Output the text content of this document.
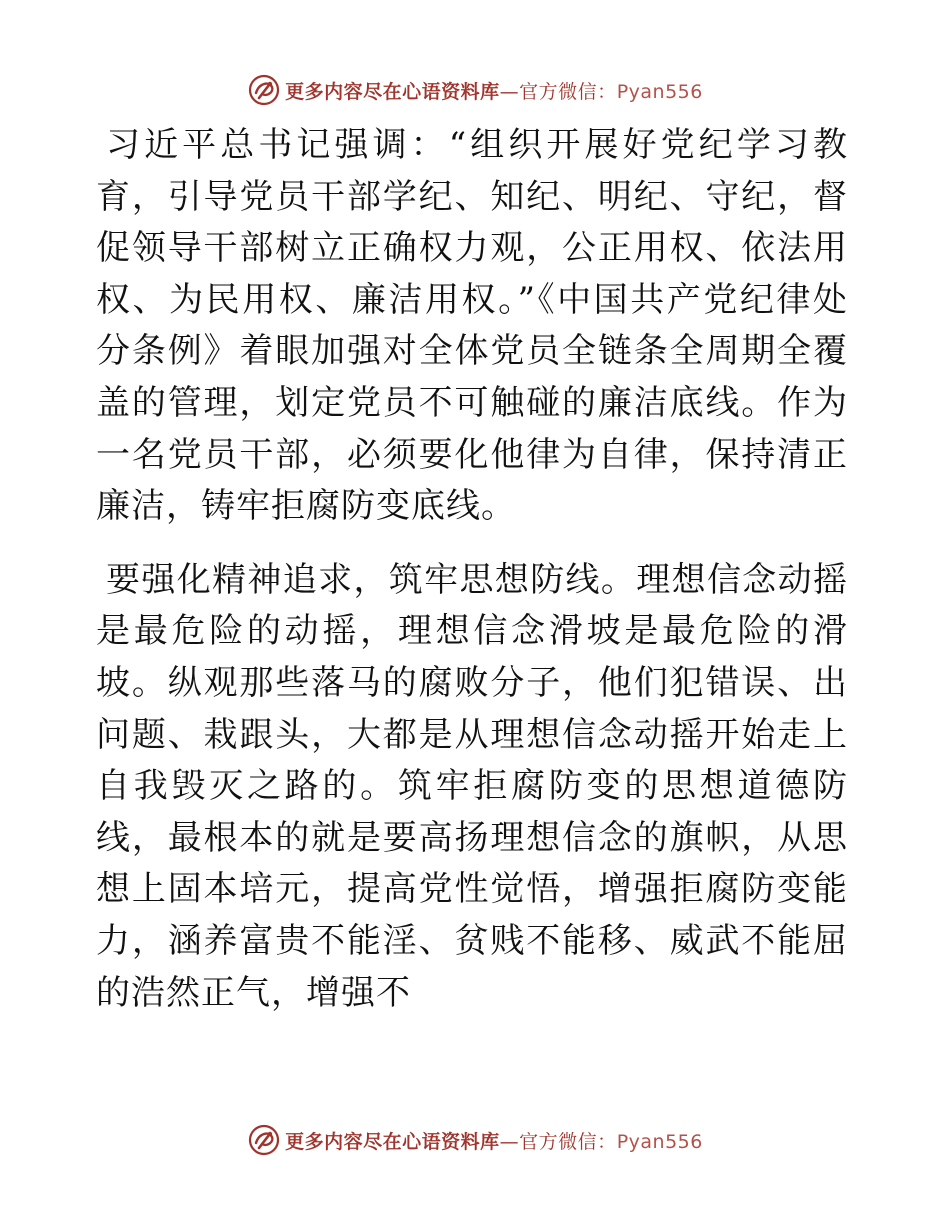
更多内容尽在心语资料库—官方微信：Pyan556

习近平总书记强调：“组织开展好党纪学习教育，引导党员干部学纪、知纪、明纪、守纪，督促领导干部树立正确权力观，公正用权、依法用权、为民用权、廉洁用权。”《中国共产党纪律处分条例》着眼加强对全体党员全链条全周期全覆盖的管理，划定党员不可触碰的廉洁底线。作为一名党员干部，必须要化他律为自律，保持清正廉洁，铸牢拒腐防变底线。

要强化精神追求，筑牢思想防线。理想信念动摇是最危险的动摇，理想信念滑坡是最危险的滑坡。纵观那些落马的腐败分子，他们犯错误、出问题、栽跟头，大都是从理想信念动摇开始走上自我毁灭之路的。筑牢拒腐防变的思想道德防线，最根本的就是要高扬理想信念的旗帜，从思想上固本培元，提高党性觉悟，增强拒腐防变能力，涵养富贵不能淫、贫贱不能移、威武不能屈的浩然正气，增强不

更多内容尽在心语资料库—官方微信：Pyan556
